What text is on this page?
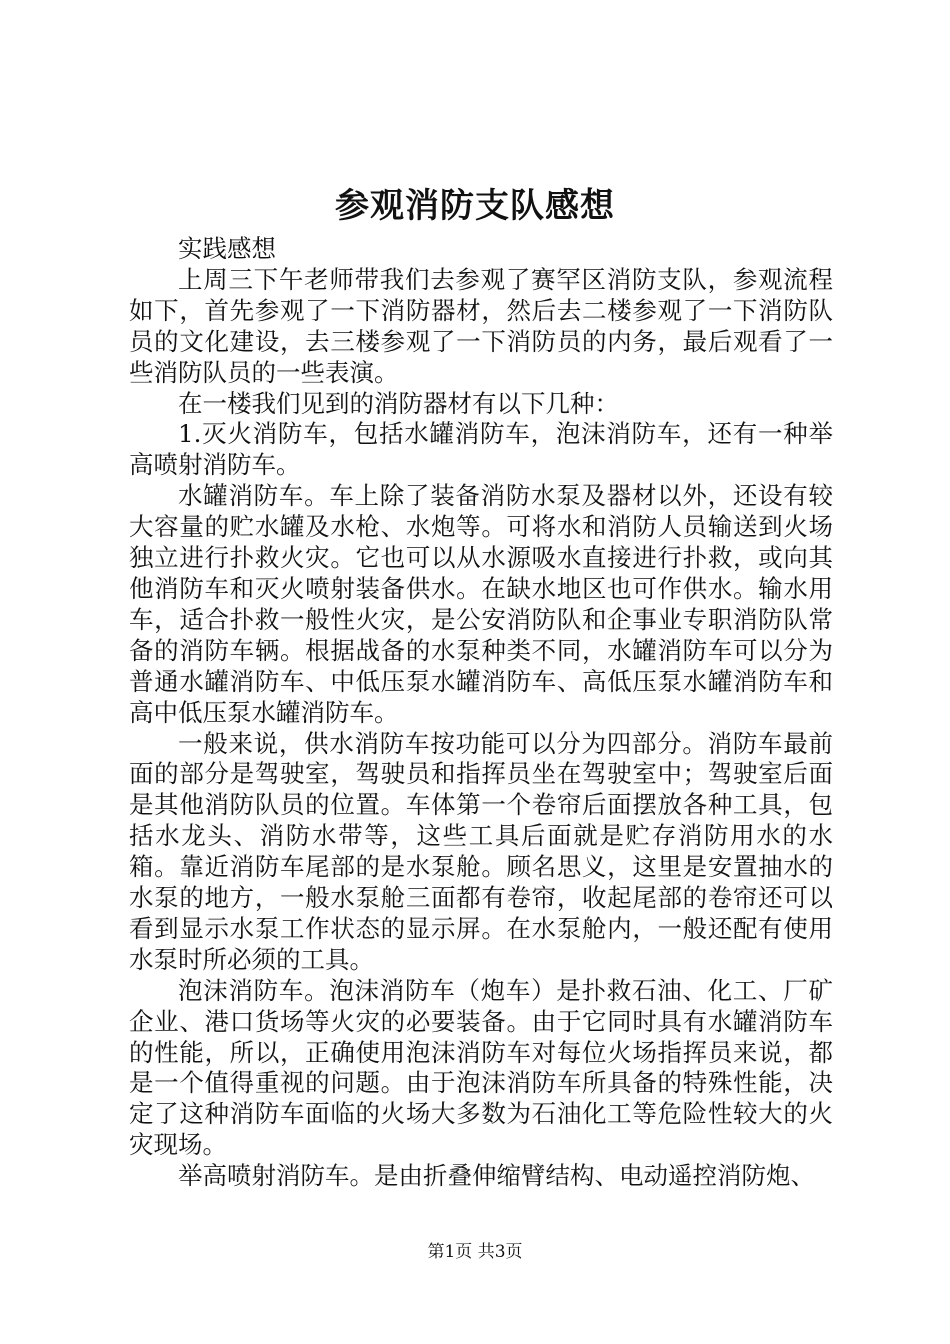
参观消防支队感想

实践感想

上周三下午老师带我们去参观了赛罕区消防支队，参观流程如下，首先参观了一下消防器材，然后去二楼参观了一下消防队员的文化建设，去三楼参观了一下消防员的内务，最后观看了一些消防队员的一些表演。

在一楼我们见到的消防器材有以下几种：

1.灭火消防车，包括水罐消防车，泡沫消防车，还有一种举高喷射消防车。

水罐消防车。车上除了装备消防水泵及器材以外，还设有较大容量的贮水罐及水枪、水炮等。可将水和消防人员输送到火场独立进行扑救火灾。它也可以从水源吸水直接进行扑救，或向其他消防车和灭火喷射装备供水。在缺水地区也可作供水。输水用车，适合扑救一般性火灾，是公安消防队和企事业专职消防队常备的消防车辆。根据战备的水泵种类不同，水罐消防车可以分为普通水罐消防车、中低压泵水罐消防车、高低压泵水罐消防车和高中低压泵水罐消防车。

一般来说，供水消防车按功能可以分为四部分。消防车最前面的部分是驾驶室，驾驶员和指挥员坐在驾驶室中；驾驶室后面是其他消防队员的位置。车体第一个卷帘后面摆放各种工具，包括水龙头、消防水带等，这些工具后面就是贮存消防用水的水箱。靠近消防车尾部的是水泵舱。顾名思义，这里是安置抽水的水泵的地方，一般水泵舱三面都有卷帘，收起尾部的卷帘还可以看到显示水泵工作状态的显示屏。在水泵舱内，一般还配有使用水泵时所必须的工具。

泡沫消防车。泡沫消防车（炮车）是扑救石油、化工、厂矿企业、港口货场等火灾的必要装备。由于它同时具有水罐消防车的性能，所以，正确使用泡沫消防车对每位火场指挥员来说，都是一个值得重视的问题。由于泡沫消防车所具备的特殊性能，决定了这种消防车面临的火场大多数为石油化工等危险性较大的火灾现场。

举高喷射消防车。是由折叠伸缩臂结构、电动遥控消防炮、

第1页 共3页
